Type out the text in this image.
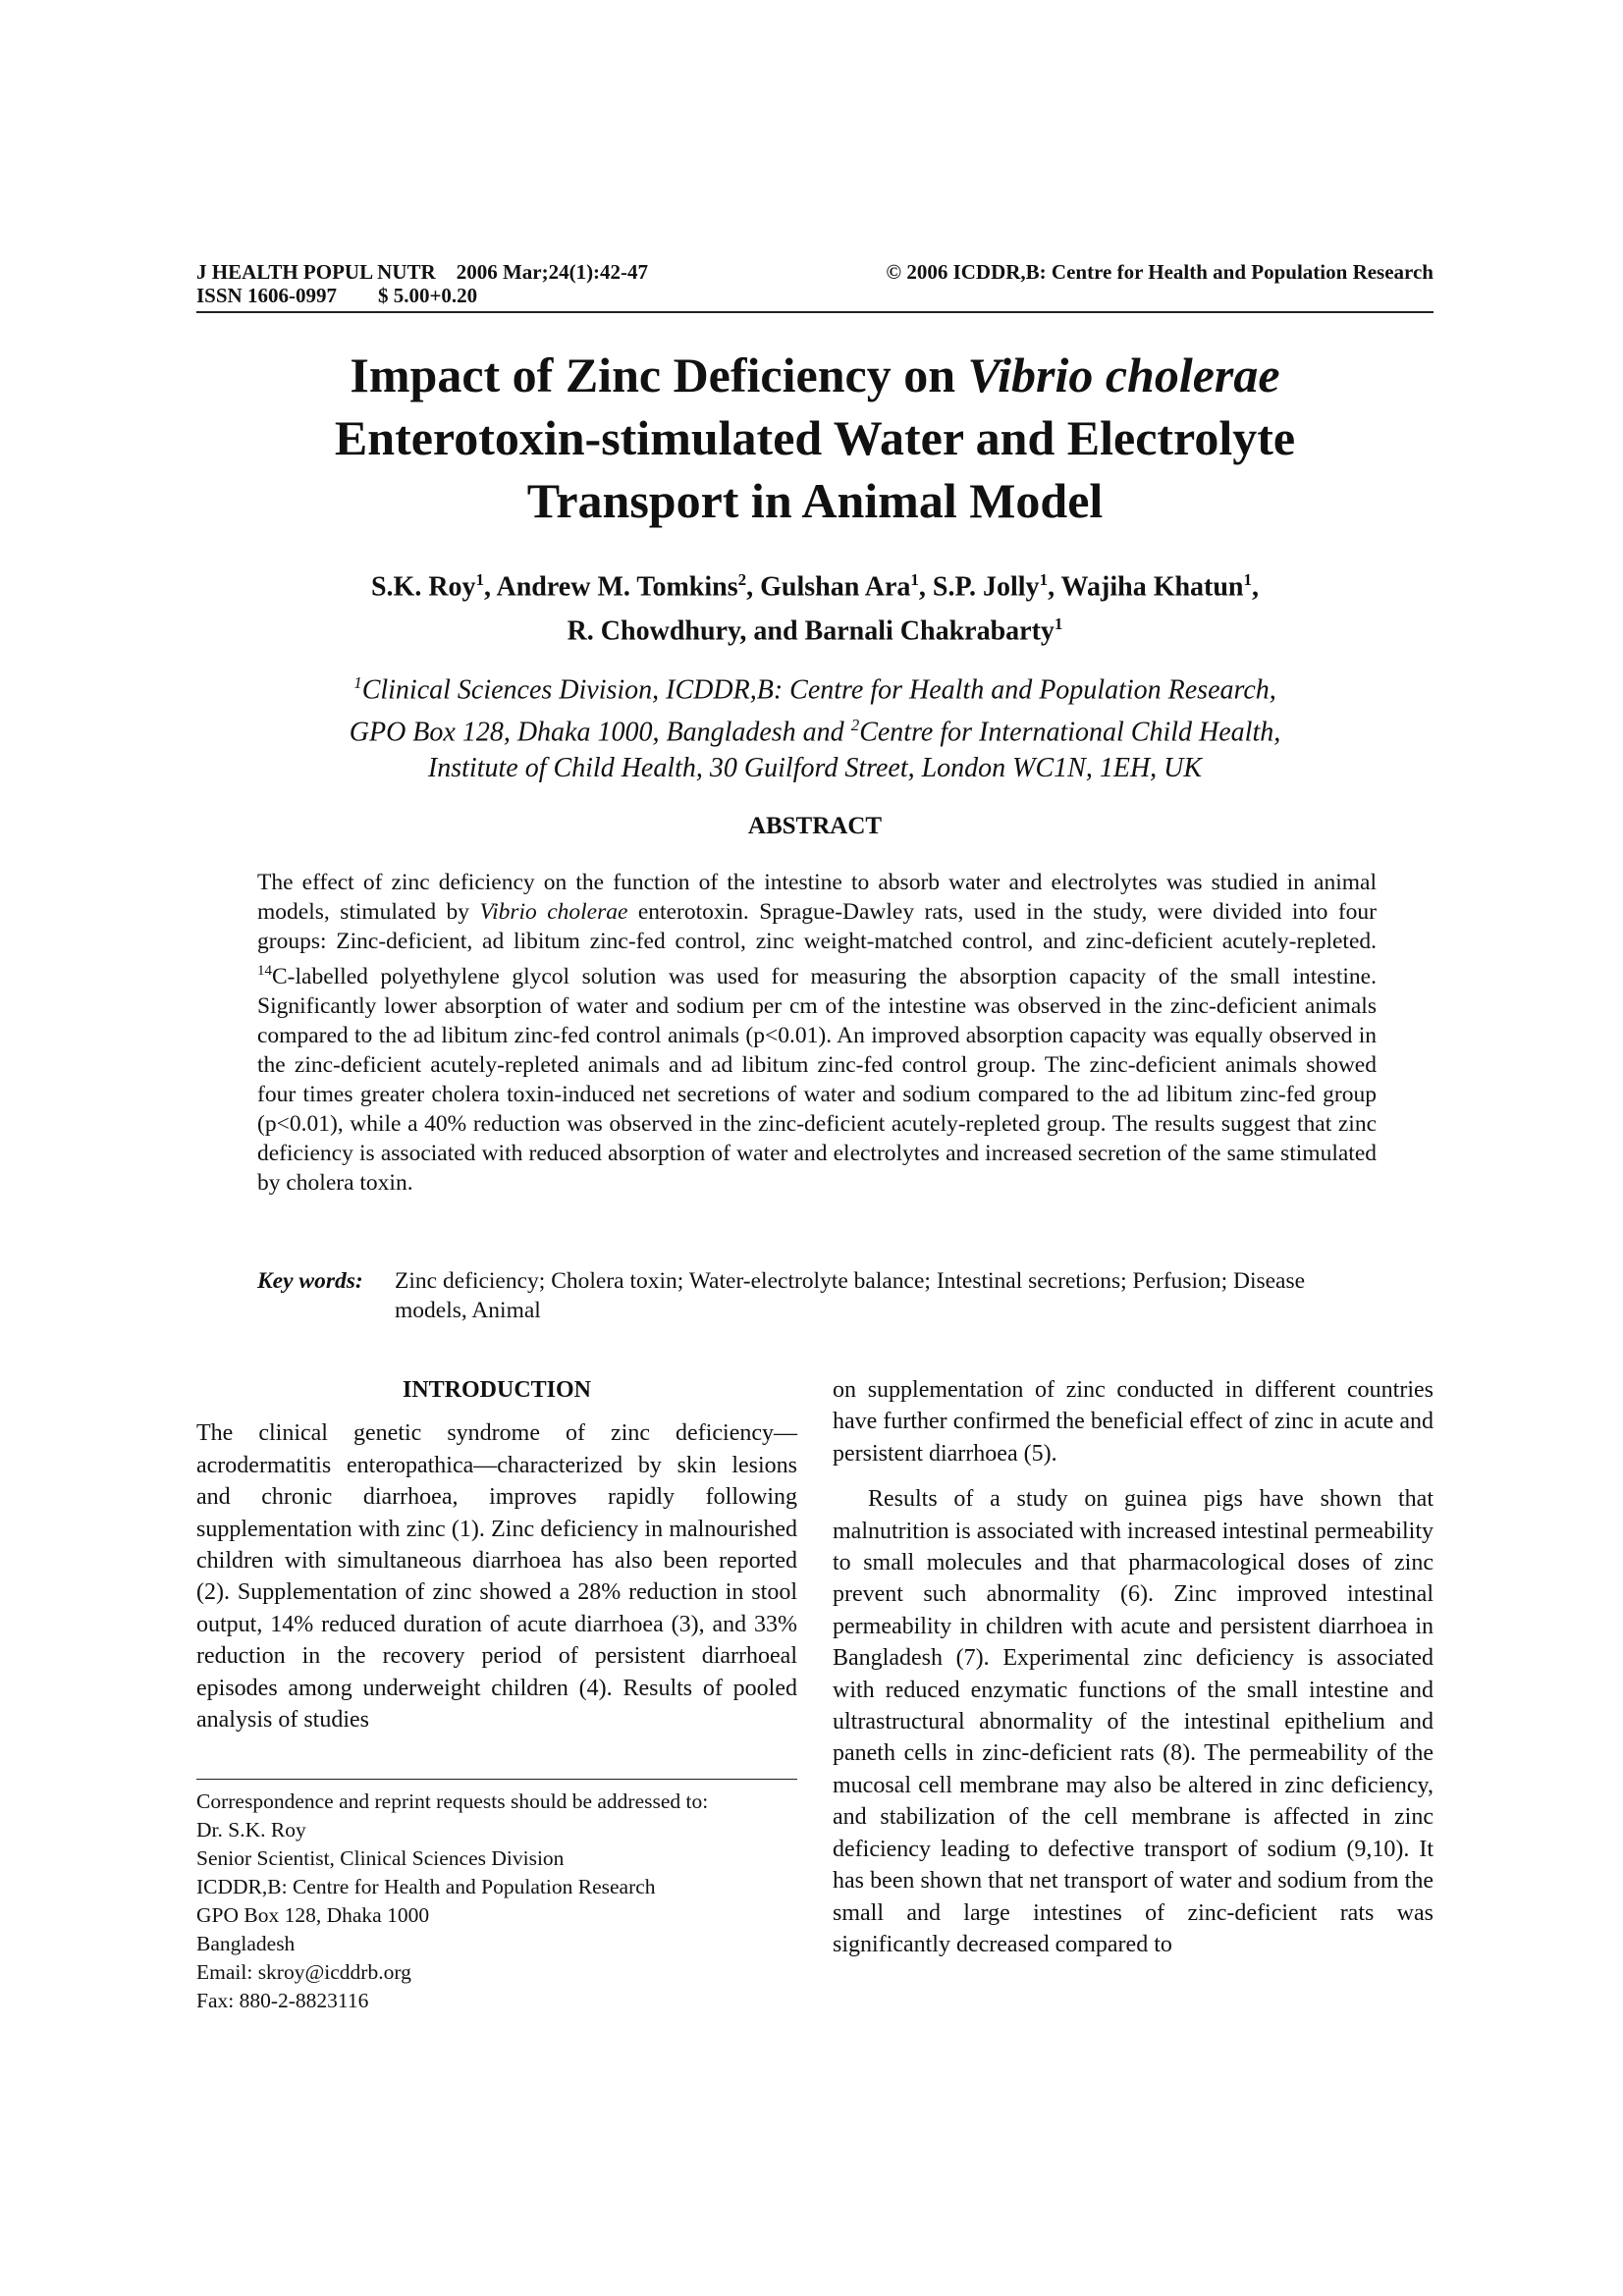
J HEALTH POPUL NUTR 2006 Mar;24(1):42-47	© 2006 ICDDR,B: Centre for Health and Population Research
ISSN 1606-0997
$ 5.00+0.20
Impact of Zinc Deficiency on Vibrio cholerae
Enterotoxin-stimulated Water and Electrolyte
Transport in Animal Model
S.K. Roy$^1$, Andrew M. Tomkins$^2$, Gulshan Ara$^1$, S.P. Jolly$^1$, Wajiha Khatun$^1$,
R. Chowdhury, and Barnali Chakrabarty$^1$
$^1$Clinical Sciences Division, ICDDR,B: Centre for Health and Population Research,
GPO Box 128, Dhaka 1000, Bangladesh and $^2$Centre for International Child Health,
Institute of Child Health, 30 Guilford Street, London WC1N, 1EH, UK
ABSTRACT
The effect of zinc deficiency on the function of the intestine to absorb water and electrolytes was studied in animal models, stimulated by Vibrio cholerae enterotoxin. Sprague-Dawley rats, used in the study, were divided into four groups: Zinc-deficient, ad libitum zinc-fed control, zinc weight-matched control, and zinc-deficient acutely-repleted. $^{14}$C-labelled polyethylene glycol solution was used for measuring the absorption capacity of the small intestine. Significantly lower absorption of water and sodium per cm of the intestine was observed in the zinc-deficient animals compared to the ad libitum zinc-fed control animals (p<0.01). An improved absorption capacity was equally observed in the zinc-deficient acutely-repleted animals and ad libitum zinc-fed control group. The zinc-deficient animals showed four times greater cholera toxin-induced net secretions of water and sodium compared to the ad libitum zinc-fed group (p<0.01), while a 40% reduction was observed in the zinc-deficient acutely-repleted group. The results suggest that zinc deficiency is associated with reduced absorption of water and electrolytes and increased secretion of the same stimulated by cholera toxin.
Key words:	Zinc deficiency; Cholera toxin; Water-electrolyte balance; Intestinal secretions; Perfusion; Disease models, Animal
INTRODUCTION

The clinical genetic syndrome of zinc deficiency—acrodermatitis enteropathica—characterized by skin lesions and chronic diarrhoea, improves rapidly following supplementation with zinc (1). Zinc deficiency in malnourished children with simultaneous diarrhoea has also been reported (2). Supplementation of zinc showed a 28% reduction in stool output, 14% reduced duration of acute diarrhoea (3), and 33% reduction in the recovery period of persistent diarrhoeal episodes among underweight children (4). Results of pooled analysis of studies

on supplementation of zinc conducted in different countries have further confirmed the beneficial effect of zinc in acute and persistent diarrhoea (5).

Results of a study on guinea pigs have shown that malnutrition is associated with increased intestinal permeability to small molecules and that pharmacological doses of zinc prevent such abnormality (6). Zinc improved intestinal permeability in children with acute and persistent diarrhoea in Bangladesh (7). Experimental zinc deficiency is associated with reduced enzymatic functions of the small intestine and ultrastructural abnormality of the intestinal epithelium and paneth cells in zinc-deficient rats (8). The permeability of the mucosal cell membrane may also be altered in zinc deficiency, and stabilization of the cell membrane is affected in zinc deficiency leading to defective transport of sodium (9,10). It has been shown that net transport of water and sodium from the small and large intestines of zinc-deficient rats was significantly decreased compared to

Correspondence and reprint requests should be addressed to:
Dr. S.K. Roy
Senior Scientist, Clinical Sciences Division
ICDDR,B: Centre for Health and Population Research
GPO Box 128, Dhaka 1000
Bangladesh
Email: skroy@icddrb.org
Fax: 880-2-8823116
